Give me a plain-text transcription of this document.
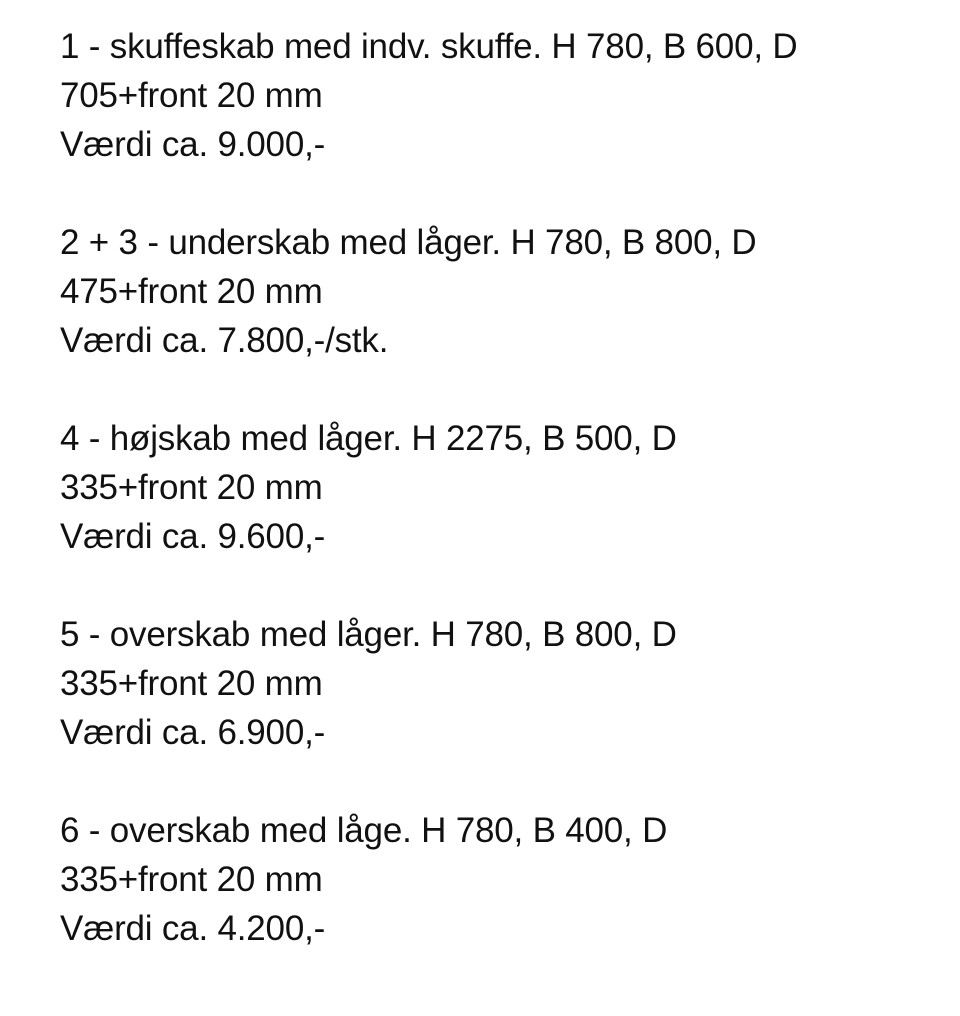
1 - skuffeskab med indv. skuffe. H 780, B 600, D
705+front 20 mm
Værdi ca. 9.000,-
2 + 3 - underskab med låger. H 780, B 800, D
475+front 20 mm
Værdi ca. 7.800,-/stk.
4 - højskab med låger. H 2275, B 500, D
335+front 20 mm
Værdi ca. 9.600,-
5 - overskab med låger. H 780, B 800, D
335+front 20 mm
Værdi ca. 6.900,-
6 - overskab med låge. H 780, B 400, D
335+front 20 mm
Værdi ca. 4.200,-
